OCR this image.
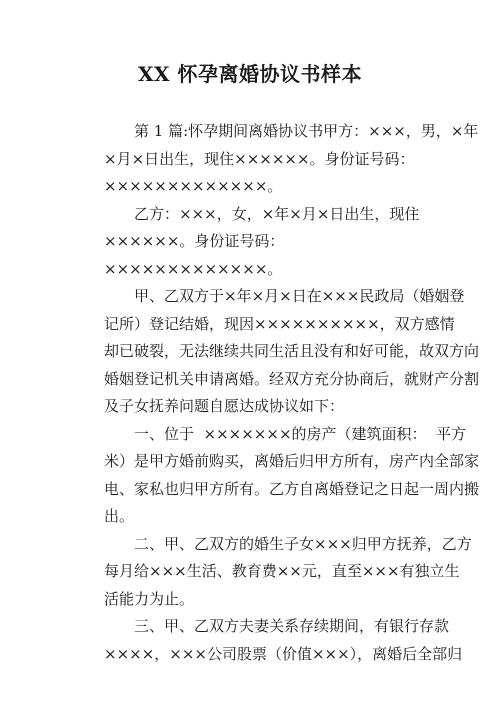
XX 怀孕离婚协议书样本

第 1 篇:怀孕期间离婚协议书甲方：×××，男，×年
×月×日出生，现住××××××。身份证号码：
×××××××××××××。

乙方：×××，女，×年×月×日出生，现住
××××××。身份证号码：
×××××××××××××。

甲、乙双方于×年×月×日在×××民政局（婚姻登
记所）登记结婚，现因××××××××××，双方感情
却已破裂，无法继续共同生活且没有和好可能，故双方向
婚姻登记机关申请离婚。经双方充分协商后，就财产分割
及子女抚养问题自愿达成协议如下：

一、位于  ×××××××的房产（建筑面积：  平方
米）是甲方婚前购买，离婚后归甲方所有，房产内全部家
电、家私也归甲方所有。乙方自离婚登记之日起一周内搬
出。

二、甲、乙双方的婚生子女×××归甲方抚养，乙方
每月给×××生活、教育费××元，直至×××有独立生
活能力为止。

三、甲、乙双方夫妻关系存续期间，有银行存款
××××，×××公司股票（价值×××），离婚后全部归
